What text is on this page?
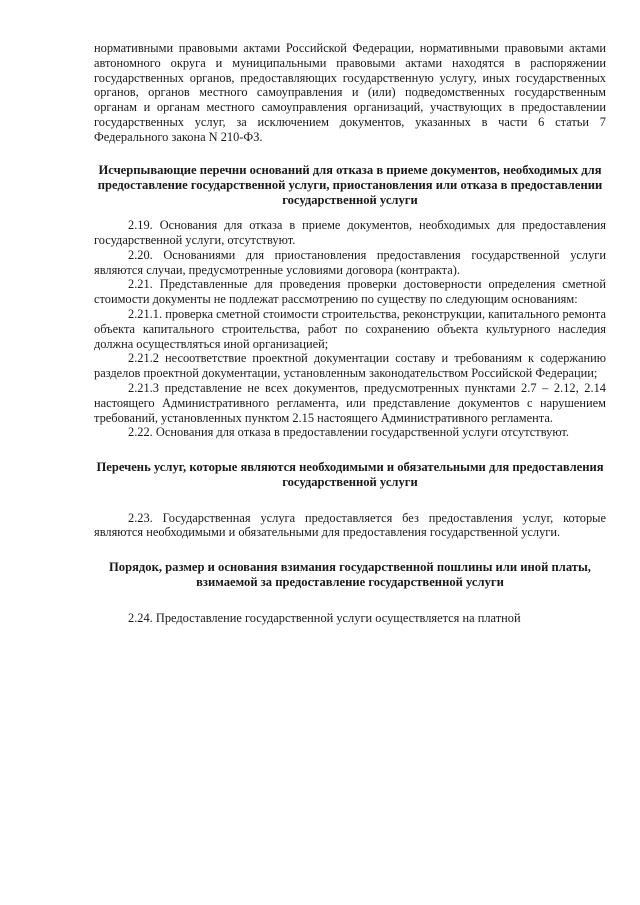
нормативными правовыми актами Российской Федерации, нормативными правовыми актами автономного округа и муниципальными правовыми актами находятся в распоряжении государственных органов, предоставляющих государственную услугу, иных государственных органов, органов местного самоуправления и (или) подведомственных государственным органам и органам местного самоуправления организаций, участвующих в предоставлении государственных услуг, за исключением документов, указанных в части 6 статьи 7 Федерального закона N 210-ФЗ.

Исчерпывающие перечни оснований для отказа в приеме документов, необходимых для предоставление государственной услуги, приостановления или отказа в предоставлении государственной услуги

2.19. Основания для отказа в приеме документов, необходимых для предоставления государственной услуги, отсутствуют.

2.20. Основаниями для приостановления предоставления государственной услуги являются случаи, предусмотренные условиями договора (контракта).

2.21. Представленные для проведения проверки достоверности определения сметной стоимости документы не подлежат рассмотрению по существу по следующим основаниям:

2.21.1. проверка сметной стоимости строительства, реконструкции, капитального ремонта объекта капитального строительства, работ по сохранению объекта культурного наследия должна осуществляться иной организацией;

2.21.2 несоответствие проектной документации составу и требованиям к содержанию разделов проектной документации, установленным законодательством Российской Федерации;

2.21.3 представление не всех документов, предусмотренных пунктами 2.7 – 2.12, 2.14 настоящего Административного регламента, или представление документов с нарушением требований, установленных пунктом 2.15 настоящего Административного регламента.

2.22. Основания для отказа в предоставлении государственной услуги отсутствуют.

Перечень услуг, которые являются необходимыми и обязательными для предоставления государственной услуги

2.23. Государственная услуга предоставляется без предоставления услуг, которые являются необходимыми и обязательными для предоставления государственной услуги.

Порядок, размер и основания взимания государственной пошлины или иной платы, взимаемой за предоставление государственной услуги

2.24. Предоставление государственной услуги осуществляется на платной
